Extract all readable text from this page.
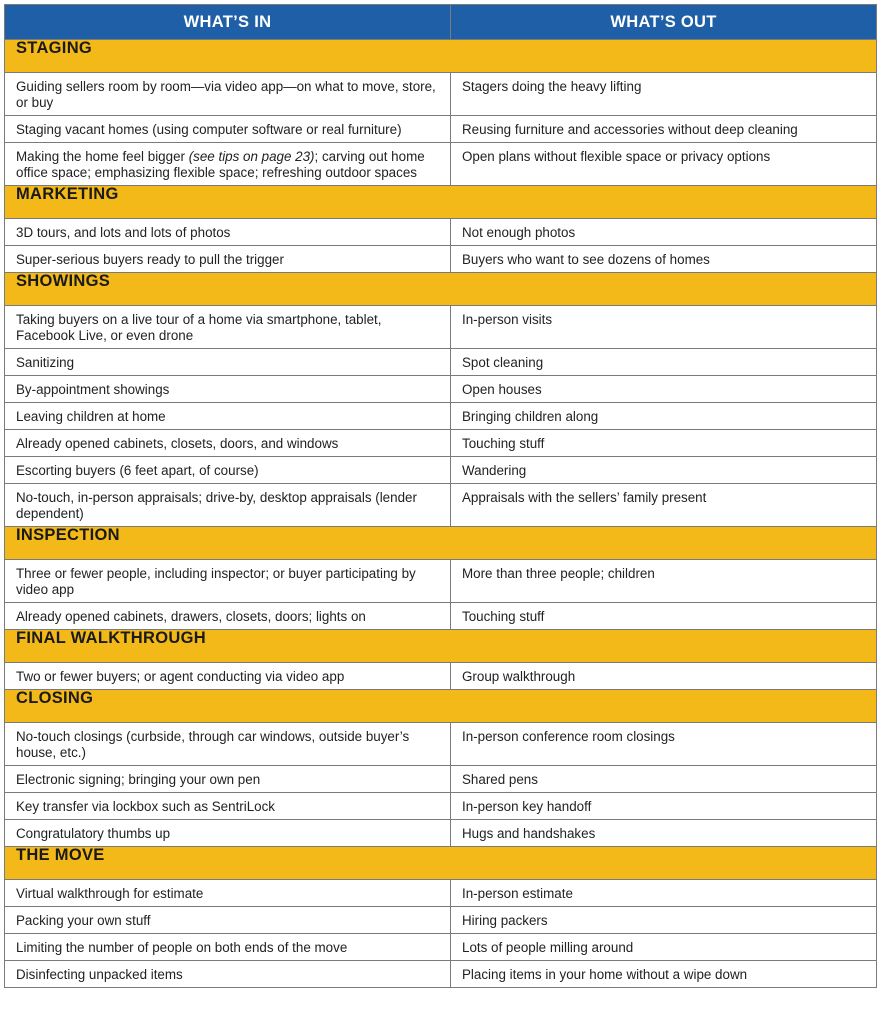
WHAT’S IN	WHAT’S OUT
STAGING	
Guiding sellers room by room—via video app—on what to move, store, or buy	Stagers doing the heavy lifting
Staging vacant homes (using computer software or real furniture)	Reusing furniture and accessories without deep cleaning
Making the home feel bigger (see tips on page 23); carving out home office space; emphasizing flexible space; refreshing outdoor spaces	Open plans without flexible space or privacy options
MARKETING	
3D tours, and lots and lots of photos	Not enough photos
Super-serious buyers ready to pull the trigger	Buyers who want to see dozens of homes
SHOWINGS	
Taking buyers on a live tour of a home via smartphone, tablet, Facebook Live, or even drone	In-person visits
Sanitizing	Spot cleaning
By-appointment showings	Open houses
Leaving children at home	Bringing children along
Already opened cabinets, closets, doors, and windows	Touching stuff
Escorting buyers (6 feet apart, of course)	Wandering
No-touch, in-person appraisals; drive-by, desktop appraisals (lender dependent)	Appraisals with the sellers’ family present
INSPECTION	
Three or fewer people, including inspector; or buyer participating by video app	More than three people; children
Already opened cabinets, drawers, closets, doors; lights on	Touching stuff
FINAL WALKTHROUGH	
Two or fewer buyers; or agent conducting via video app	Group walkthrough
CLOSING	
No-touch closings (curbside, through car windows, outside buyer’s house, etc.)	In-person conference room closings
Electronic signing; bringing your own pen	Shared pens
Key transfer via lockbox such as SentriLock	In-person key handoff
Congratulatory thumbs up	Hugs and handshakes
THE MOVE	
Virtual walkthrough for estimate	In-person estimate
Packing your own stuff	Hiring packers
Limiting the number of people on both ends of the move	Lots of people milling around
Disinfecting unpacked items	Placing items in your home without a wipe down
